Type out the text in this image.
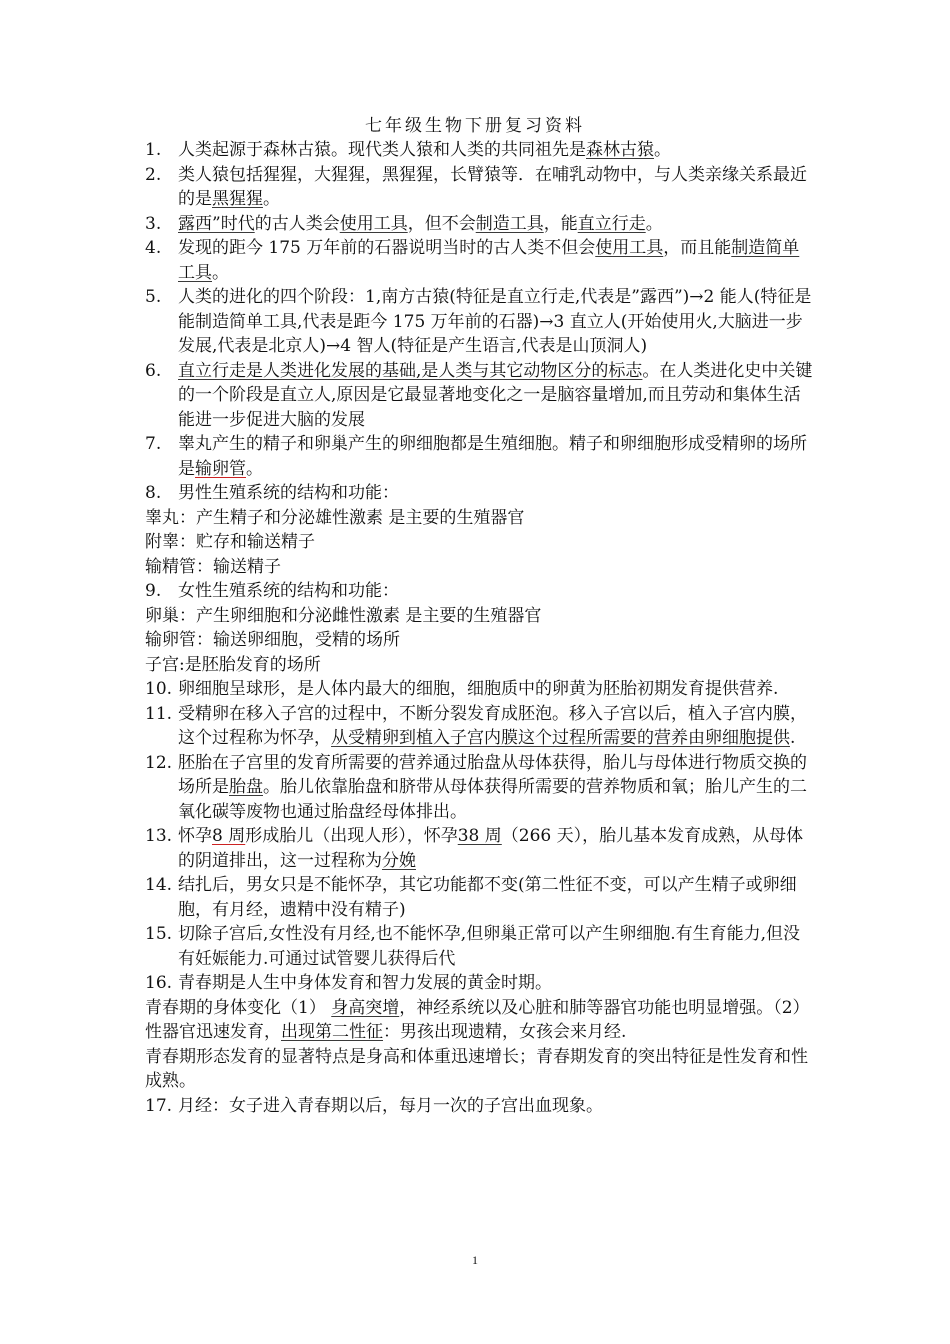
七年级生物下册复习资料
1. 人类起源于森林古猿。现代类人猿和人类的共同祖先是森林古猿。
2. 类人猿包括猩猩，大猩猩，黑猩猩，长臂猿等．在哺乳动物中，与人类亲缘关系最近的是黑猩猩。
3. 露西”时代的古人类会使用工具，但不会制造工具，能直立行走。
4. 发现的距今 175 万年前的石器说明当时的古人类不但会使用工具，而且能制造简单工具。
5. 人类的进化的四个阶段：1,南方古猿(特征是直立行走,代表是”露西”)→2 能人(特征是能制造简单工具,代表是距今 175 万年前的石器)→3 直立人(开始使用火,大脑进一步发展,代表是北京人)→4 智人(特征是产生语言,代表是山顶洞人)
6. 直立行走是人类进化发展的基础,是人类与其它动物区分的标志。在人类进化史中关键的一个阶段是直立人,原因是它最显著地变化之一是脑容量增加,而且劳动和集体生活能进一步促进大脑的发展
7. 睾丸产生的精子和卵巢产生的卵细胞都是生殖细胞。精子和卵细胞形成受精卵的场所是输卵管。
8. 男性生殖系统的结构和功能：
睾丸：产生精子和分泌雄性激素 是主要的生殖器官
附睾：贮存和输送精子
输精管：输送精子
9. 女性生殖系统的结构和功能：
卵巢：产生卵细胞和分泌雌性激素 是主要的生殖器官
输卵管：输送卵细胞，受精的场所
子宫:是胚胎发育的场所
10. 卵细胞呈球形，是人体内最大的细胞，细胞质中的卵黄为胚胎初期发育提供营养.
11. 受精卵在移入子宫的过程中，不断分裂发育成胚泡。移入子宫以后，植入子宫内膜，这个过程称为怀孕，从受精卵到植入子宫内膜这个过程所需要的营养由卵细胞提供.
12. 胚胎在子宫里的发育所需要的营养通过胎盘从母体获得，胎儿与母体进行物质交换的场所是胎盘。胎儿依靠胎盘和脐带从母体获得所需要的营养物质和氧；胎儿产生的二氧化碳等废物也通过胎盘经母体排出。
13. 怀孕8 周形成胎儿（出现人形），怀孕38 周（266 天），胎儿基本发育成熟，从母体的阴道排出，这一过程称为分娩
14. 结扎后，男女只是不能怀孕，其它功能都不变(第二性征不变，可以产生精子或卵细胞，有月经，遗精中没有精子)
15. 切除子宫后,女性没有月经,也不能怀孕,但卵巢正常可以产生卵细胞.有生育能力,但没有妊娠能力.可通过试管婴儿获得后代
16. 青春期是人生中身体发育和智力发展的黄金时期。
青春期的身体变化（1） 身高突增，神经系统以及心脏和肺等器官功能也明显增强。（2） 性器官迅速发育，出现第二性征：男孩出现遗精，女孩会来月经.
青春期形态发育的显著特点是身高和体重迅速增长；青春期发育的突出特征是性发育和性成熟。
17. 月经：女子进入青春期以后，每月一次的子宫出血现象。
1
